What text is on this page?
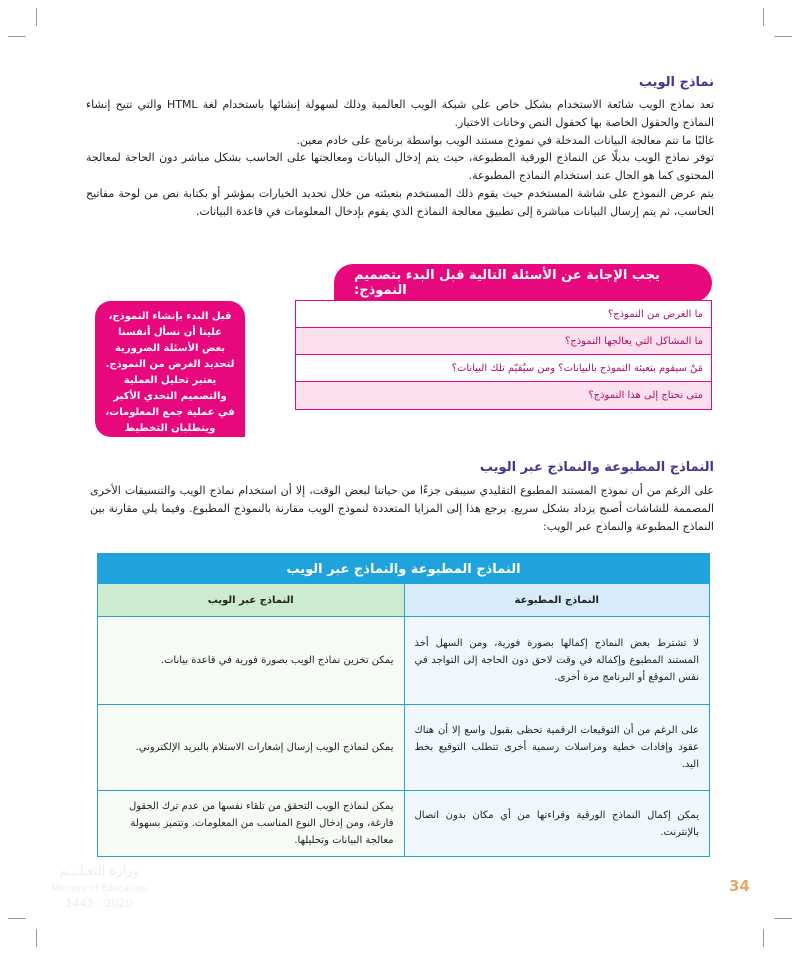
نماذج الويب

تعد نماذج الويب شائعة الاستخدام بشكل خاص على شبكة الويب العالمية وذلك لسهولة إنشائها باستخدام لغة HTML والتي تتيح إنشاء النماذج والحقول الخاصة بها كحقول النص وخانات الاختيار.

غالبًا ما تتم معالجة البيانات المدخلة في نموذج مستند الويب بواسطة برنامج على خادم معين.

توفر نماذج الويب بديلًا عن النماذج الورقية المطبوعة، حيث يتم إدخال البيانات ومعالجتها على الحاسب بشكل مباشر دون الحاجة لمعالجة المحتوى كما هو الحال عند استخدام النماذج المطبوعة.

يتم عرض النموذج على شاشة المستخدم حيث يقوم ذلك المستخدم بتعبئته من خلال تحديد الخيارات بمؤشر أو بكتابة نص من لوحة مفاتيح الحاسب، ثم يتم إرسال البيانات مباشرة إلى تطبيق معالجة النماذج الذي يقوم بإدخال المعلومات في قاعدة البيانات.

يجب الإجابة عن الأسئلة التالية قبل البدء بتصميم النموذج:
ما الغرض من النموذج؟
ما المشاكل التي يعالجها النموذج؟
مَنْ سيقوم بتعبئة النموذج بالبيانات؟ ومن سيُقيّم تلك البيانات؟
متى نحتاج إلى هذا النموذج؟
قبل البدء بإنشاء النموذج، علينا أن نسأل أنفسنا بعض الأسئلة الضرورية لتحديد الغرض من النموذج. يعتبر تحليل العملية والتصميم التحدي الأكبر في عملية جمع المعلومات، ويتطلبان التخطيط السليم.
النماذج المطبوعة والنماذج عبر الويب
على الرغم من أن نموذج المستند المطبوع التقليدي سيبقى جزءًا من حياتنا لبعض الوقت، إلا أن استخدام نماذج الويب والتنسيقات الأخرى المصممة للشاشات أصبح يزداد بشكل سريع. يرجع هذا إلى المزايا المتعددة لنموذج الويب مقارنة بالنموذج المطبوع. وفيما يلي مقارنة بين النماذج المطبوعة والنماذج عبر الويب:
النماذج المطبوعة والنماذج عبر الويب
النماذج المطبوعة
النماذج عبر الويب
لا تشترط بعض النماذج إكمالها بصورة فورية، ومن السهل أخذ المستند المطبوع وإكماله في وقت لاحق دون الحاجة إلى التواجد في نفس الموقع أو البرنامج مرة أخرى.
يمكن تخزين نماذج الويب بصورة فورية في قاعدة بيانات.
على الرغم من أن التوقيعات الرقمية تحظى بقبول واسع إلا أن هناك عقود وإفادات خطية ومراسلات رسمية أخرى تتطلب التوقيع بخط اليد.
يمكن لنماذج الويب إرسال إشعارات الاستلام بالبريد الإلكتروني.
يمكن إكمال النماذج الورقية وقراءتها من أي مكان بدون اتصال بالإنترنت.
يمكن لنماذج الويب التحقق من تلقاء نفسها من عدم ترك الحقول فارغة، ومن إدخال النوع المناسب من المعلومات. وتتميز بسهولة معالجة البيانات وتحليلها.
وزارة التعـلـيـم
Ministry of Education
2020 - 1442
34
